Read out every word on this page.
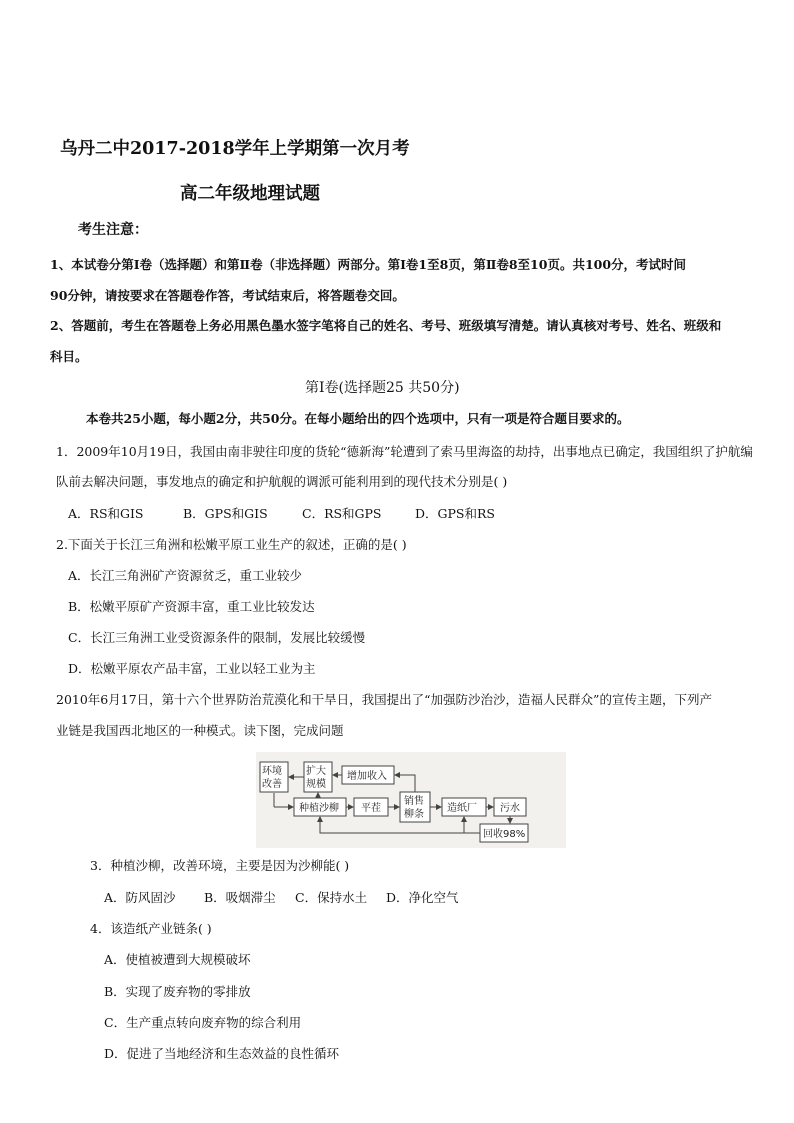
乌丹二中2017-2018学年上学期第一次月考
高二年级地理试题
考生注意：
1、本试卷分第Ⅰ卷（选择题）和第Ⅱ卷（非选择题）两部分。第Ⅰ卷1至8页，第Ⅱ卷8至10页。共100分，考试时间
90分钟，请按要求在答题卷作答，考试结束后，将答题卷交回。
2、答题前，考生在答题卷上务必用黑色墨水签字笔将自己的姓名、考号、班级填写清楚。请认真核对考号、姓名、班级和
科目。
第Ⅰ卷(选择题25 共50分)
本卷共25小题，每小题2分，共50分。在每小题给出的四个选项中，只有一项是符合题目要求的。
1．2009年10月19日，我国由南非驶往印度的货轮“德新海”轮遭到了索马里海盗的劫持，出事地点已确定，我国组织了护航编
队前去解决问题，事发地点的确定和护航舰的调派可能利用到的现代技术分别是( )
A．RS和GIS	B．GPS和GIS	C．RS和GPS	D．GPS和RS
2.下面关于长江三角洲和松嫩平原工业生产的叙述，正确的是( )
A．长江三角洲矿产资源贫乏，重工业较少
B．松嫩平原矿产资源丰富，重工业比较发达
C．长江三角洲工业受资源条件的限制，发展比较缓慢
D．松嫩平原农产品丰富，工业以轻工业为主
2010年6月17日，第十六个世界防治荒漠化和干旱日，我国提出了“加强防沙治沙，造福人民群众”的宣传主题，下列产
业链是我国西北地区的一种模式。读下图，完成问题
环境
改善
扩大
规模
增加收入
种植沙柳 平茬
销售
柳条
造纸厂 污水
回收98%
3．种植沙柳，改善环境，主要是因为沙柳能( )
A．防风固沙 B．吸烟滞尘 C．保持水土 D．净化空气
4．该造纸产业链条( )
A．使植被遭到大规模破坏
B．实现了废弃物的零排放
C．生产重点转向废弃物的综合利用
D．促进了当地经济和生态效益的良性循环
